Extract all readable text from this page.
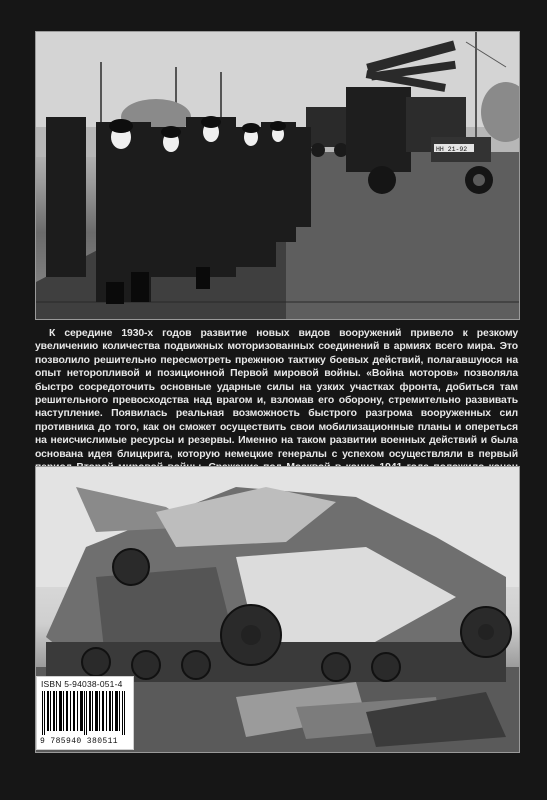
НН 21-92

К середине 1930-х годов развитие новых видов вооружений привело к резкому увеличению количества подвижных моторизованных соединений в армиях всего мира. Это позволило решительно пересмотреть прежнюю тактику боевых действий, полагавшуюся на опыт неторопливой и позиционной Первой мировой войны. «Война моторов» позволяла быстро сосредоточить основные ударные силы на узких участках фронта, добиться там решительного превосходства над врагом и, взломав его оборону, стремительно развивать наступление. Появилась реальная возможность быстрого разгрома вооруженных сил противника до того, как он сможет осуществить свои мобилизационные планы и опереться на неисчислимые ресурсы и резервы. Именно на таком развитии военных действий и была основана идея блицкрига, которую немецкие генералы с успехом осуществляли в первый

ISBN 5-94038-051-4
9 785940 380511
